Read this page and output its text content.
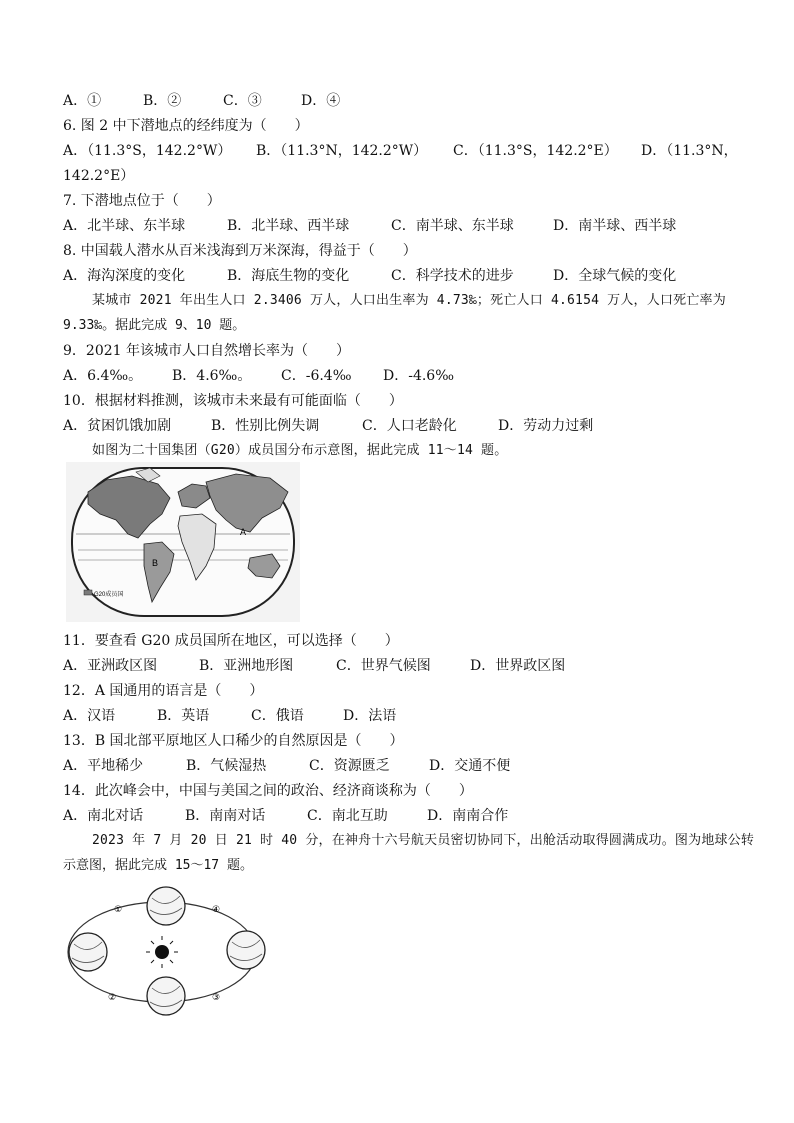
A．①	B．②	C．③	D．④
6. 图 2 中下潜地点的经纬度为（　　）
A．（11.3°S，142.2°W） B．（11.3°N，142.2°W） C．（11.3°S，142.2°E） D．（11.3°N，
142.2°E）
7. 下潜地点位于（　　）
A．北半球、东半球	B．北半球、西半球	C．南半球、东半球	D．南半球、西半球
8. 中国载人潜水从百米浅海到万米深海，得益于（　　）
A．海沟深度的变化	B．海底生物的变化	C．科学技术的进步	D．全球气候的变化
某城市 2021 年出生人口 2.3406 万人，人口出生率为 4.73‰；死亡人口 4.6154 万人，人口死亡率为
9.33‰。据此完成 9、10 题。
9．2021 年该城市人口自然增长率为（　　）
A．6.4‰。 B．4.6‰。 C．-6.4‰ D．-4.6‰
10．根据材料推测，该城市未来最有可能面临（　　）
A．贫困饥饿加剧	B．性别比例失调	C．人口老龄化	D．劳动力过剩
如图为二十国集团（G20）成员国分布示意图，据此完成 11～14 题。
A
B
G20成员国
11．要查看 G20 成员国所在地区，可以选择（　　）
A．亚洲政区图	B．亚洲地形图	C．世界气候图	D．世界政区图
12．A 国通用的语言是（　　）
A．汉语	B．英语	C．俄语	D．法语
13．B 国北部平原地区人口稀少的自然原因是（　　）
A．平地稀少	B．气候湿热	C．资源匮乏	D．交通不便
14．此次峰会中，中国与美国之间的政治、经济商谈称为（　　）
A．南北对话	B．南南对话	C．南北互助	D．南南合作
2023 年 7 月 20 日 21 时 40 分，在神舟十六号航天员密切协同下，出舱活动取得圆满成功。图为地球公转
示意图，据此完成 15～17 题。
①	④
②	③
